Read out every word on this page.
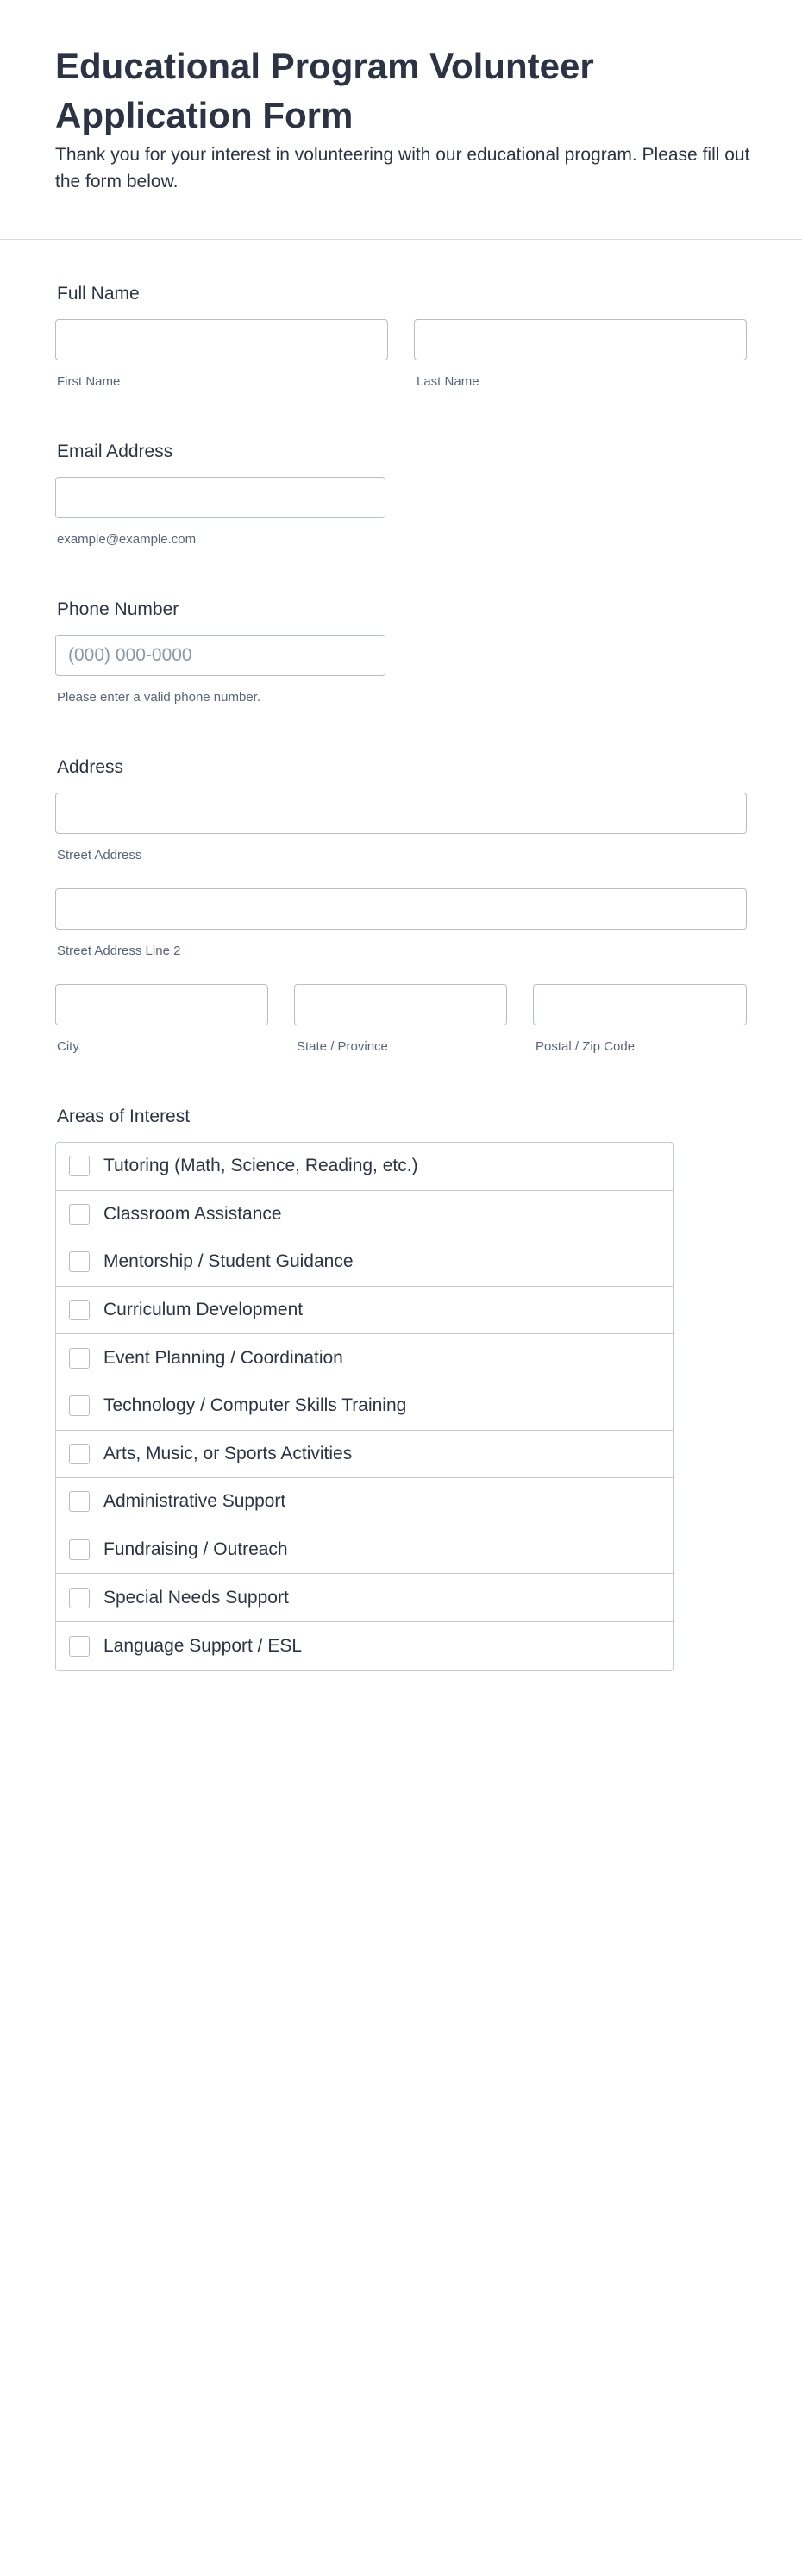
Educational Program Volunteer Application Form

Thank you for your interest in volunteering with our educational program. Please fill out the form below.

Full Name
First Name	Last Name
Email Address
example@example.com
Phone Number
(000) 000-0000
Please enter a valid phone number.
Address
Street Address
Street Address Line 2
City	State / Province	Postal / Zip Code
Areas of Interest
Tutoring (Math, Science, Reading, etc.)
Classroom Assistance
Mentorship / Student Guidance
Curriculum Development
Event Planning / Coordination
Technology / Computer Skills Training
Arts, Music, or Sports Activities
Administrative Support
Fundraising / Outreach
Special Needs Support
Language Support / ESL
